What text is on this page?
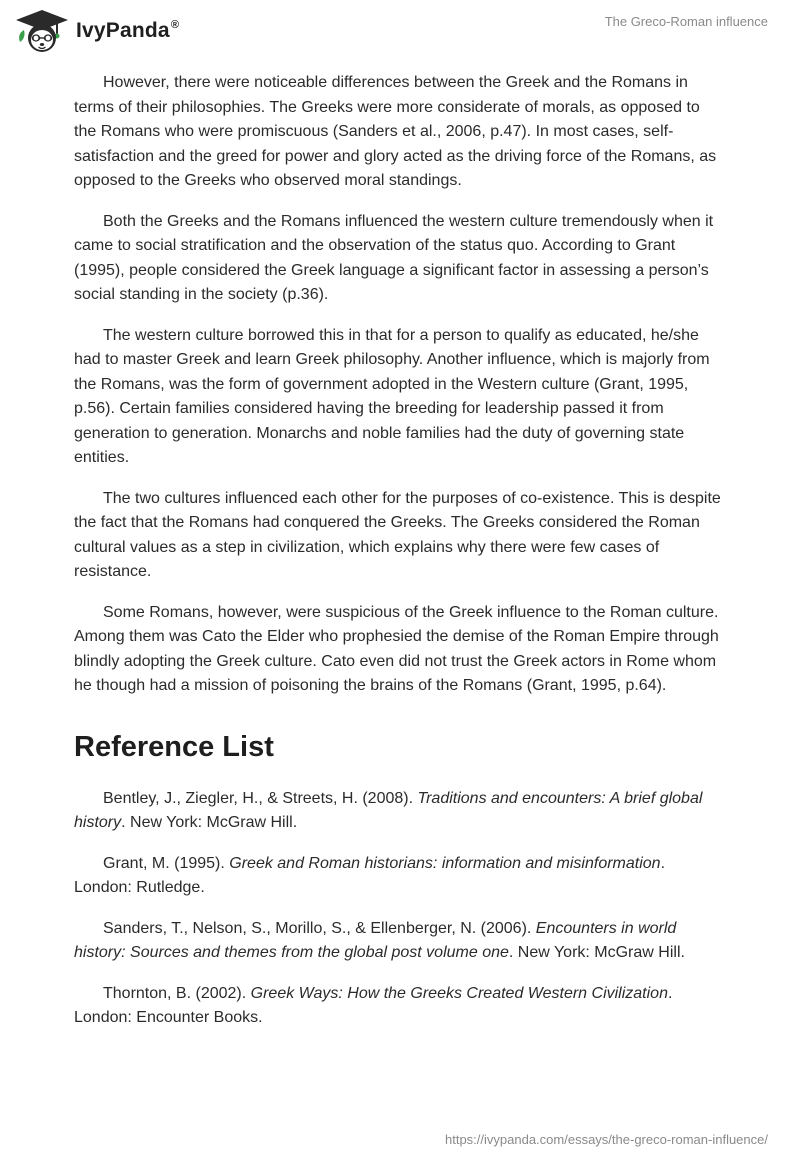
IvyPanda®	The Greco-Roman influence

However, there were noticeable differences between the Greek and the Romans in terms of their philosophies. The Greeks were more considerate of morals, as opposed to the Romans who were promiscuous (Sanders et al., 2006, p.47). In most cases, self-satisfaction and the greed for power and glory acted as the driving force of the Romans, as opposed to the Greeks who observed moral standings.

Both the Greeks and the Romans influenced the western culture tremendously when it came to social stratification and the observation of the status quo. According to Grant (1995), people considered the Greek language a significant factor in assessing a person’s social standing in the society (p.36).

The western culture borrowed this in that for a person to qualify as educated, he/she had to master Greek and learn Greek philosophy. Another influence, which is majorly from the Romans, was the form of government adopted in the Western culture (Grant, 1995, p.56). Certain families considered having the breeding for leadership passed it from generation to generation. Monarchs and noble families had the duty of governing state entities.

The two cultures influenced each other for the purposes of co-existence. This is despite the fact that the Romans had conquered the Greeks. The Greeks considered the Roman cultural values as a step in civilization, which explains why there were few cases of resistance.

Some Romans, however, were suspicious of the Greek influence to the Roman culture. Among them was Cato the Elder who prophesied the demise of the Roman Empire through blindly adopting the Greek culture. Cato even did not trust the Greek actors in Rome whom he though had a mission of poisoning the brains of the Romans (Grant, 1995, p.64).

Reference List

Bentley, J., Ziegler, H., & Streets, H. (2008). Traditions and encounters: A brief global history. New York: McGraw Hill.

Grant, M. (1995). Greek and Roman historians: information and misinformation. London: Rutledge.

Sanders, T., Nelson, S., Morillo, S., & Ellenberger, N. (2006). Encounters in world history: Sources and themes from the global post volume one. New York: McGraw Hill.

Thornton, B. (2002). Greek Ways: How the Greeks Created Western Civilization. London: Encounter Books.

https://ivypanda.com/essays/the-greco-roman-influence/
